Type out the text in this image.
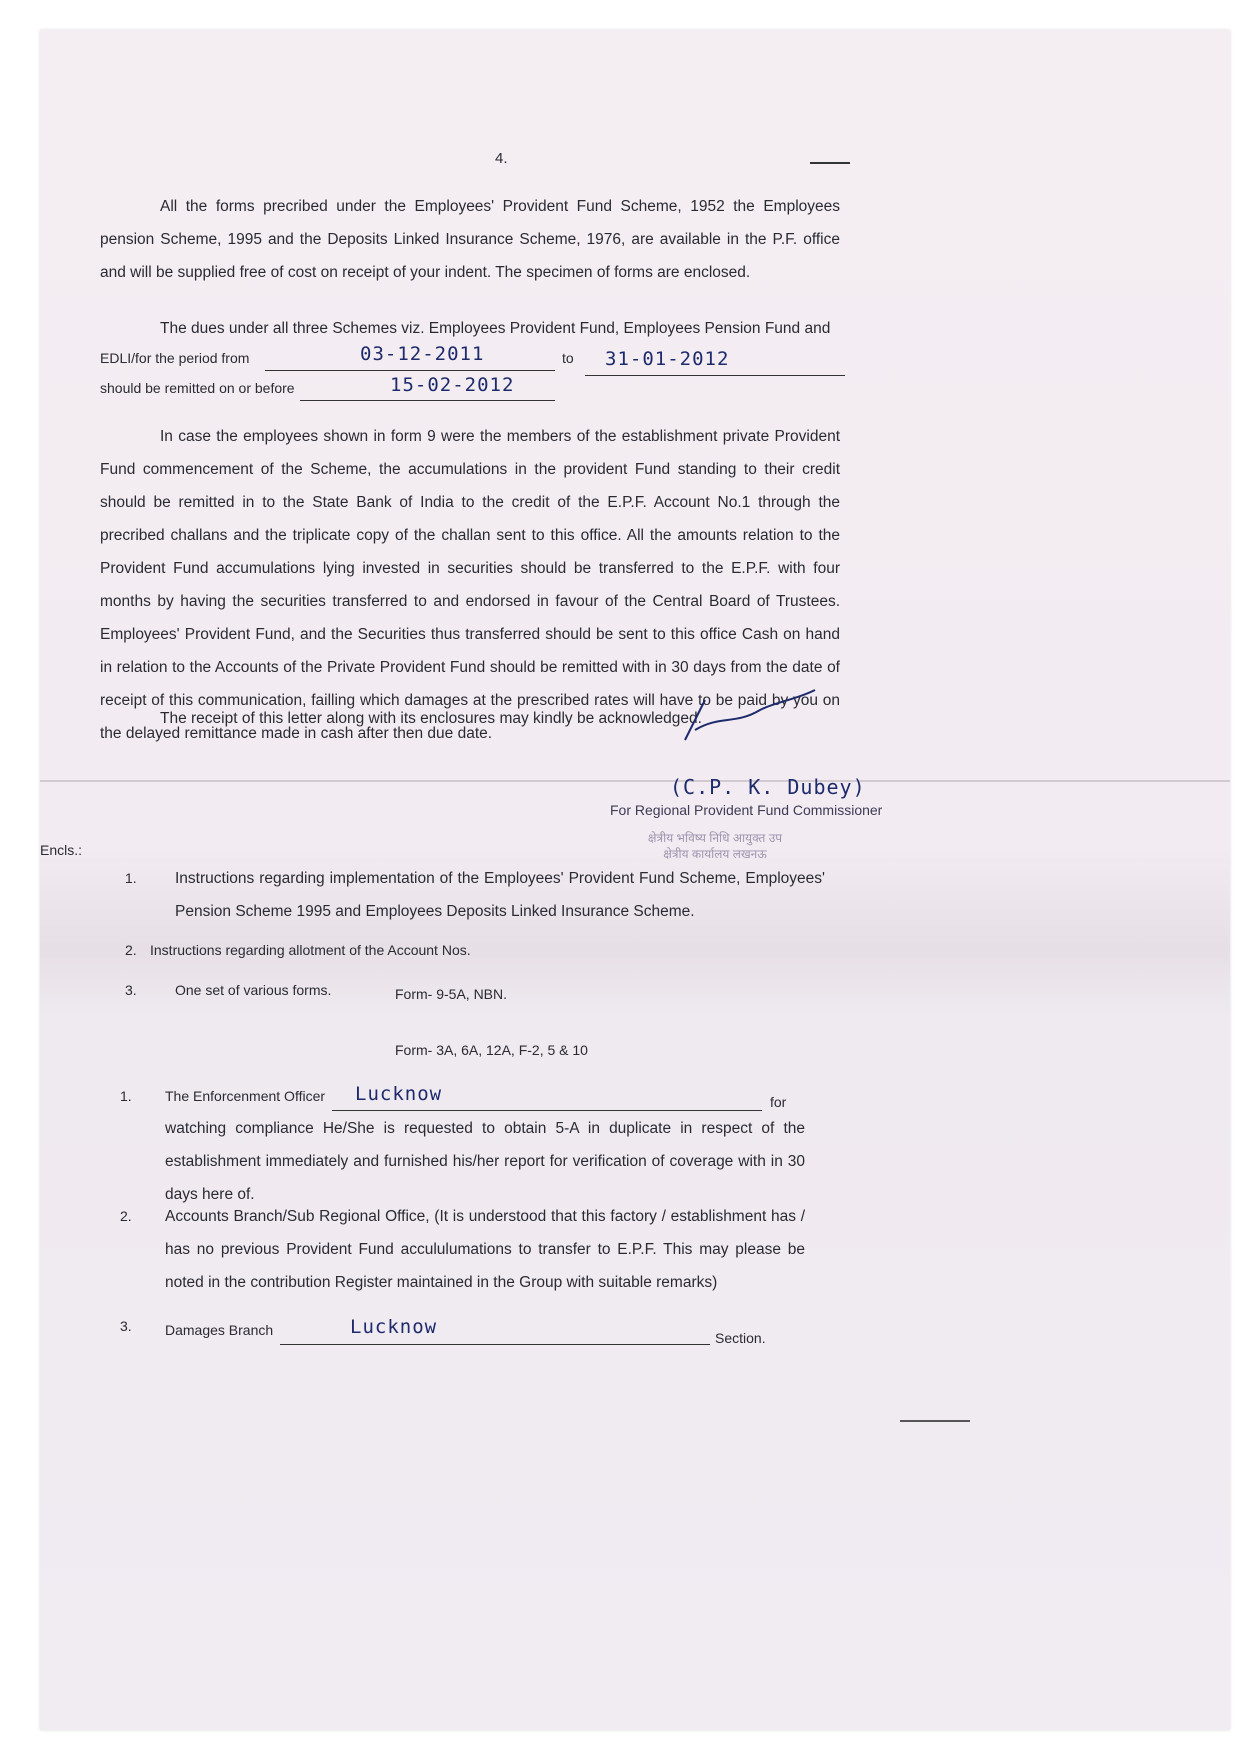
4.
All the forms precribed under the Employees' Provident Fund Scheme, 1952 the Employees pension Scheme, 1995 and the Deposits Linked Insurance Scheme, 1976, are available in the P.F. office and will be supplied free of cost on receipt of your indent. The specimen of forms are enclosed.
The dues under all three Schemes viz. Employees Provident Fund, Employees Pension Fund and
EDLI/for the period from	03-12-2011	to 31-01-2012
should be remitted on or before	15-02-2012
In case the employees shown in form 9 were the members of the establishment private Provident Fund commencement of the Scheme, the accumulations in the provident Fund standing to their credit should be remitted in to the State Bank of India to the credit of the E.P.F. Account No.1 through the precribed challans and the triplicate copy of the challan sent to this office. All the amounts relation to the Provident Fund accumulations lying invested in securities should be transferred to the E.P.F. with four months by having the securities transferred to and endorsed in favour of the Central Board of Trustees. Employees' Provident Fund, and the Securities thus transferred should be sent to this office Cash on hand in relation to the Accounts of the Private Provident Fund should be remitted with in 30 days from the date of receipt of this communication, failling which damages at the prescribed rates will have to be paid by you on the delayed remittance made in cash after then due date.
The receipt of this letter along with its enclosures may kindly be acknowledged.
(C.P. K. Dubey)
For Regional Provident Fund Commissioner
क्षेत्रीय भविष्य निधि आयुक्त उप क्षेत्रीय कार्यालय लखनऊ
Encls.:
1. Instructions regarding implementation of the Employees' Provident Fund Scheme, Employees' Pension Scheme 1995 and Employees Deposits Linked Insurance Scheme.
2. Instructions regarding allotment of the Account Nos.
3.	One set of various forms.	Form- 9-5A, NBN.
Form- 3A, 6A, 12A, F-2, 5 & 10
1. The Enforcenment Officer Lucknow	for
watching compliance He/She is requested to obtain 5-A in duplicate in respect of the establishment immediately and furnished his/her report for verification of coverage with in 30 days here of.
2. Accounts Branch/Sub Regional Office, (It is understood that this factory / establishment has / has no previous Provident Fund accululumations to transfer to E.P.F. This may please be noted in the contribution Register maintained in the Group with suitable remarks)
3. Damages Branch	Lucknow	Section.
